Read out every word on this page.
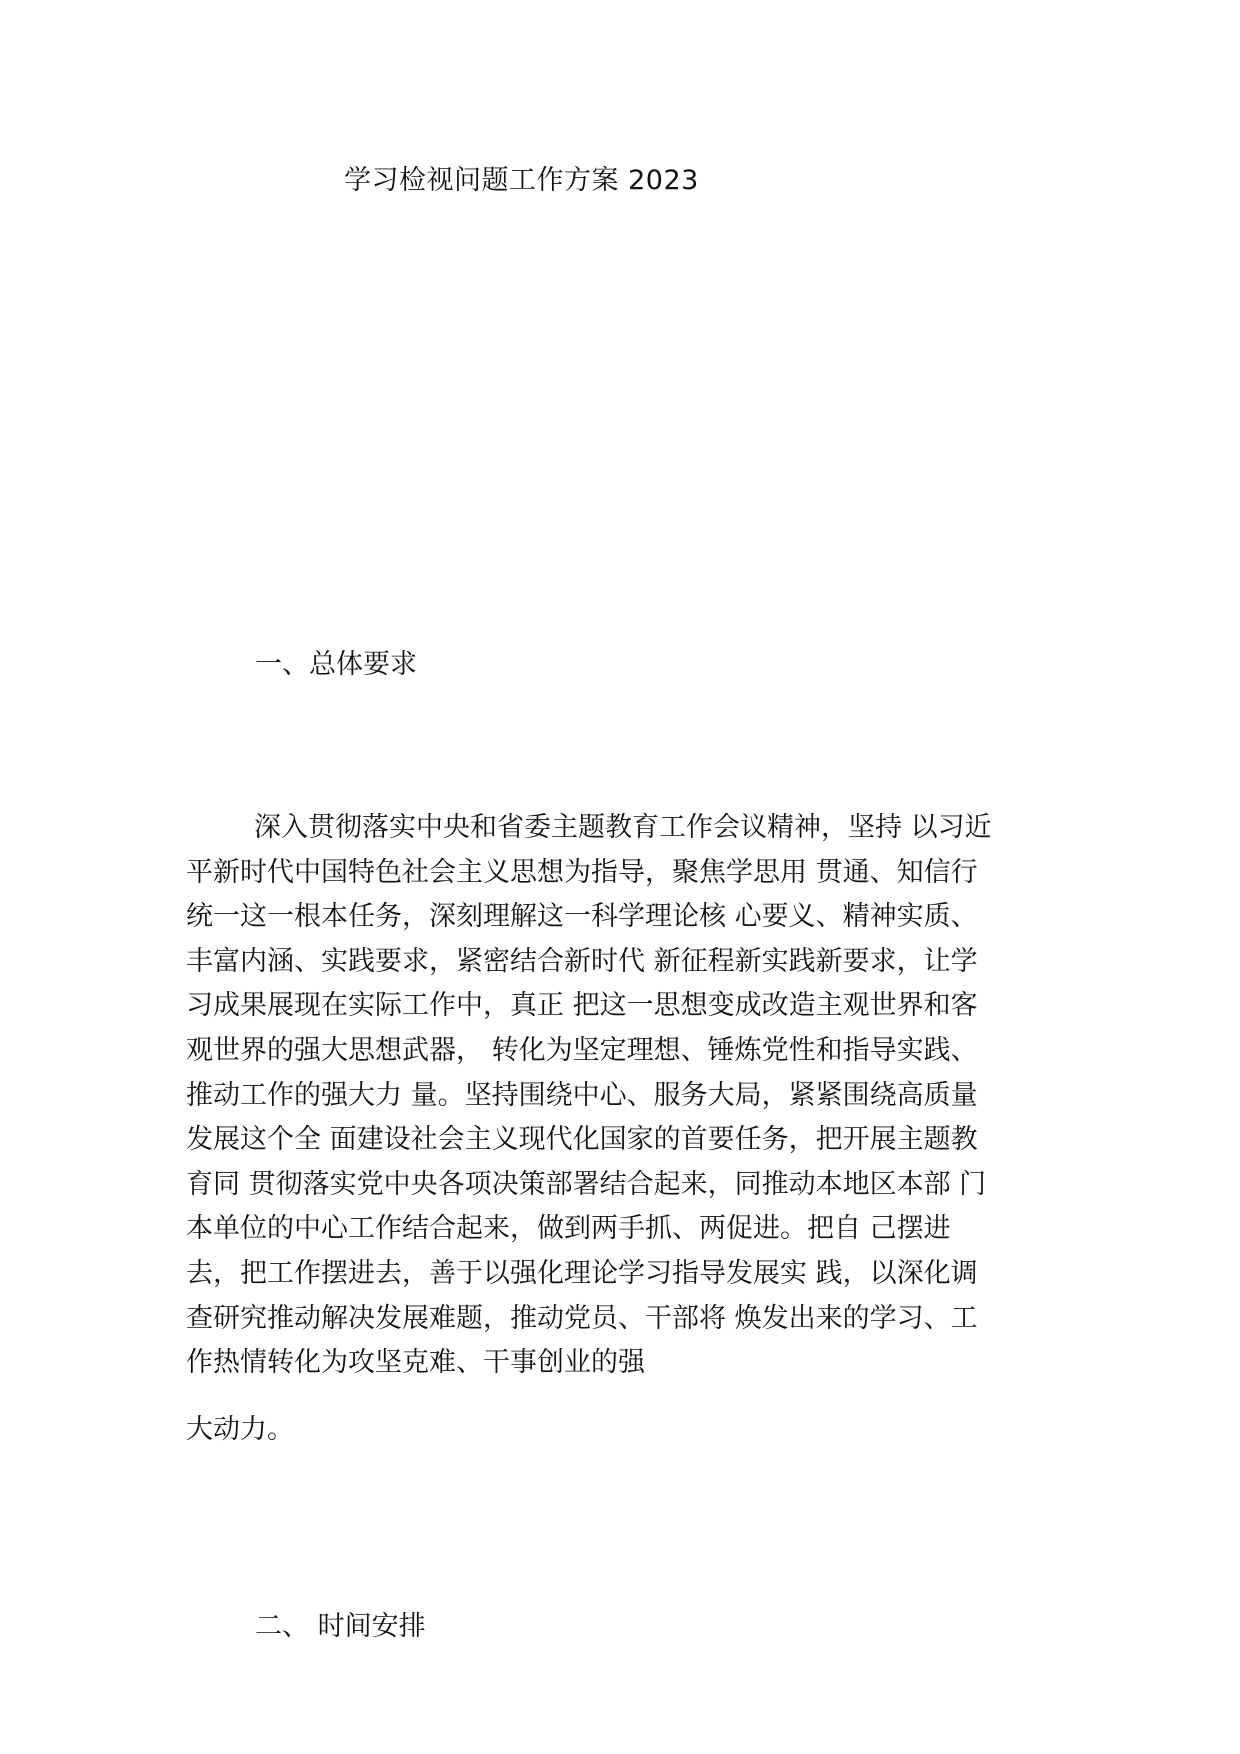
学习检视问题工作方案 2023
一、总体要求
深入贯彻落实中央和省委主题教育工作会议精神，坚持 以习近
平新时代中国特色社会主义思想为指导，聚焦学思用 贯通、知信行
统一这一根本任务，深刻理解这一科学理论核 心要义、精神实质、
丰富内涵、实践要求，紧密结合新时代 新征程新实践新要求，让学
习成果展现在实际工作中，真正 把这一思想变成改造主观世界和客
观世界的强大思想武器， 转化为坚定理想、锤炼党性和指导实践、
推动工作的强大力 量。坚持围绕中心、服务大局，紧紧围绕高质量
发展这个全 面建设社会主义现代化国家的首要任务，把开展主题教
育同 贯彻落实党中央各项决策部署结合起来，同推动本地区本部 门
本单位的中心工作结合起来，做到两手抓、两促进。把自 己摆进
去，把工作摆进去，善于以强化理论学习指导发展实 践，以深化调
查研究推动解决发展难题，推动党员、干部将 焕发出来的学习、工
作热情转化为攻坚克难、干事创业的强
大动力。
二、 时间安排
